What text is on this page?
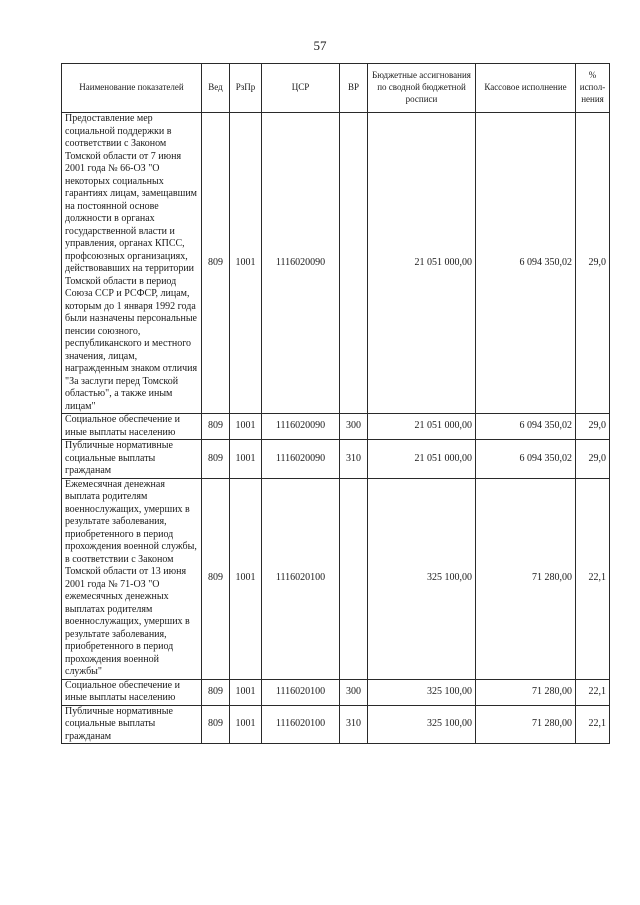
57
Наименование показателей	Вед	РзПр	ЦСР	ВР	Бюджетные ассигнования по сводной бюджетной росписи	Кассовое исполнение	% испол-нения
Предоставление мер социальной поддержки в соответствии с Законом Томской области от 7 июня 2001 года № 66-ОЗ "О некоторых социальных гарантиях лицам, замещавшим на постоянной основе должности в органах государственной власти и управления, органах КПСС, профсоюзных организациях, действовавших на территории Томской области в период Союза ССР и РСФСР, лицам, которым до 1 января 1992 года были назначены персональные пенсии союзного, республиканского и местного значения, лицам, награжденным знаком отличия "За заслуги перед Томской областью", а также иным лицам"	809	1001	1116020090		21 051 000,00	6 094 350,02	29,0
Социальное обеспечение и иные выплаты населению	809	1001	1116020090	300	21 051 000,00	6 094 350,02	29,0
Публичные нормативные социальные выплаты гражданам	809	1001	1116020090	310	21 051 000,00	6 094 350,02	29,0
Ежемесячная денежная выплата родителям военнослужащих, умерших в результате заболевания, приобретенного в период прохождения военной службы, в соответствии с Законом Томской области от 13 июня 2001 года № 71-ОЗ "О ежемесячных денежных выплатах родителям военнослужащих, умерших в результате заболевания, приобретенного в период прохождения военной службы"	809	1001	1116020100		325 100,00	71 280,00	22,1
Социальное обеспечение и иные выплаты населению	809	1001	1116020100	300	325 100,00	71 280,00	22,1
Публичные нормативные социальные выплаты гражданам	809	1001	1116020100	310	325 100,00	71 280,00	22,1
